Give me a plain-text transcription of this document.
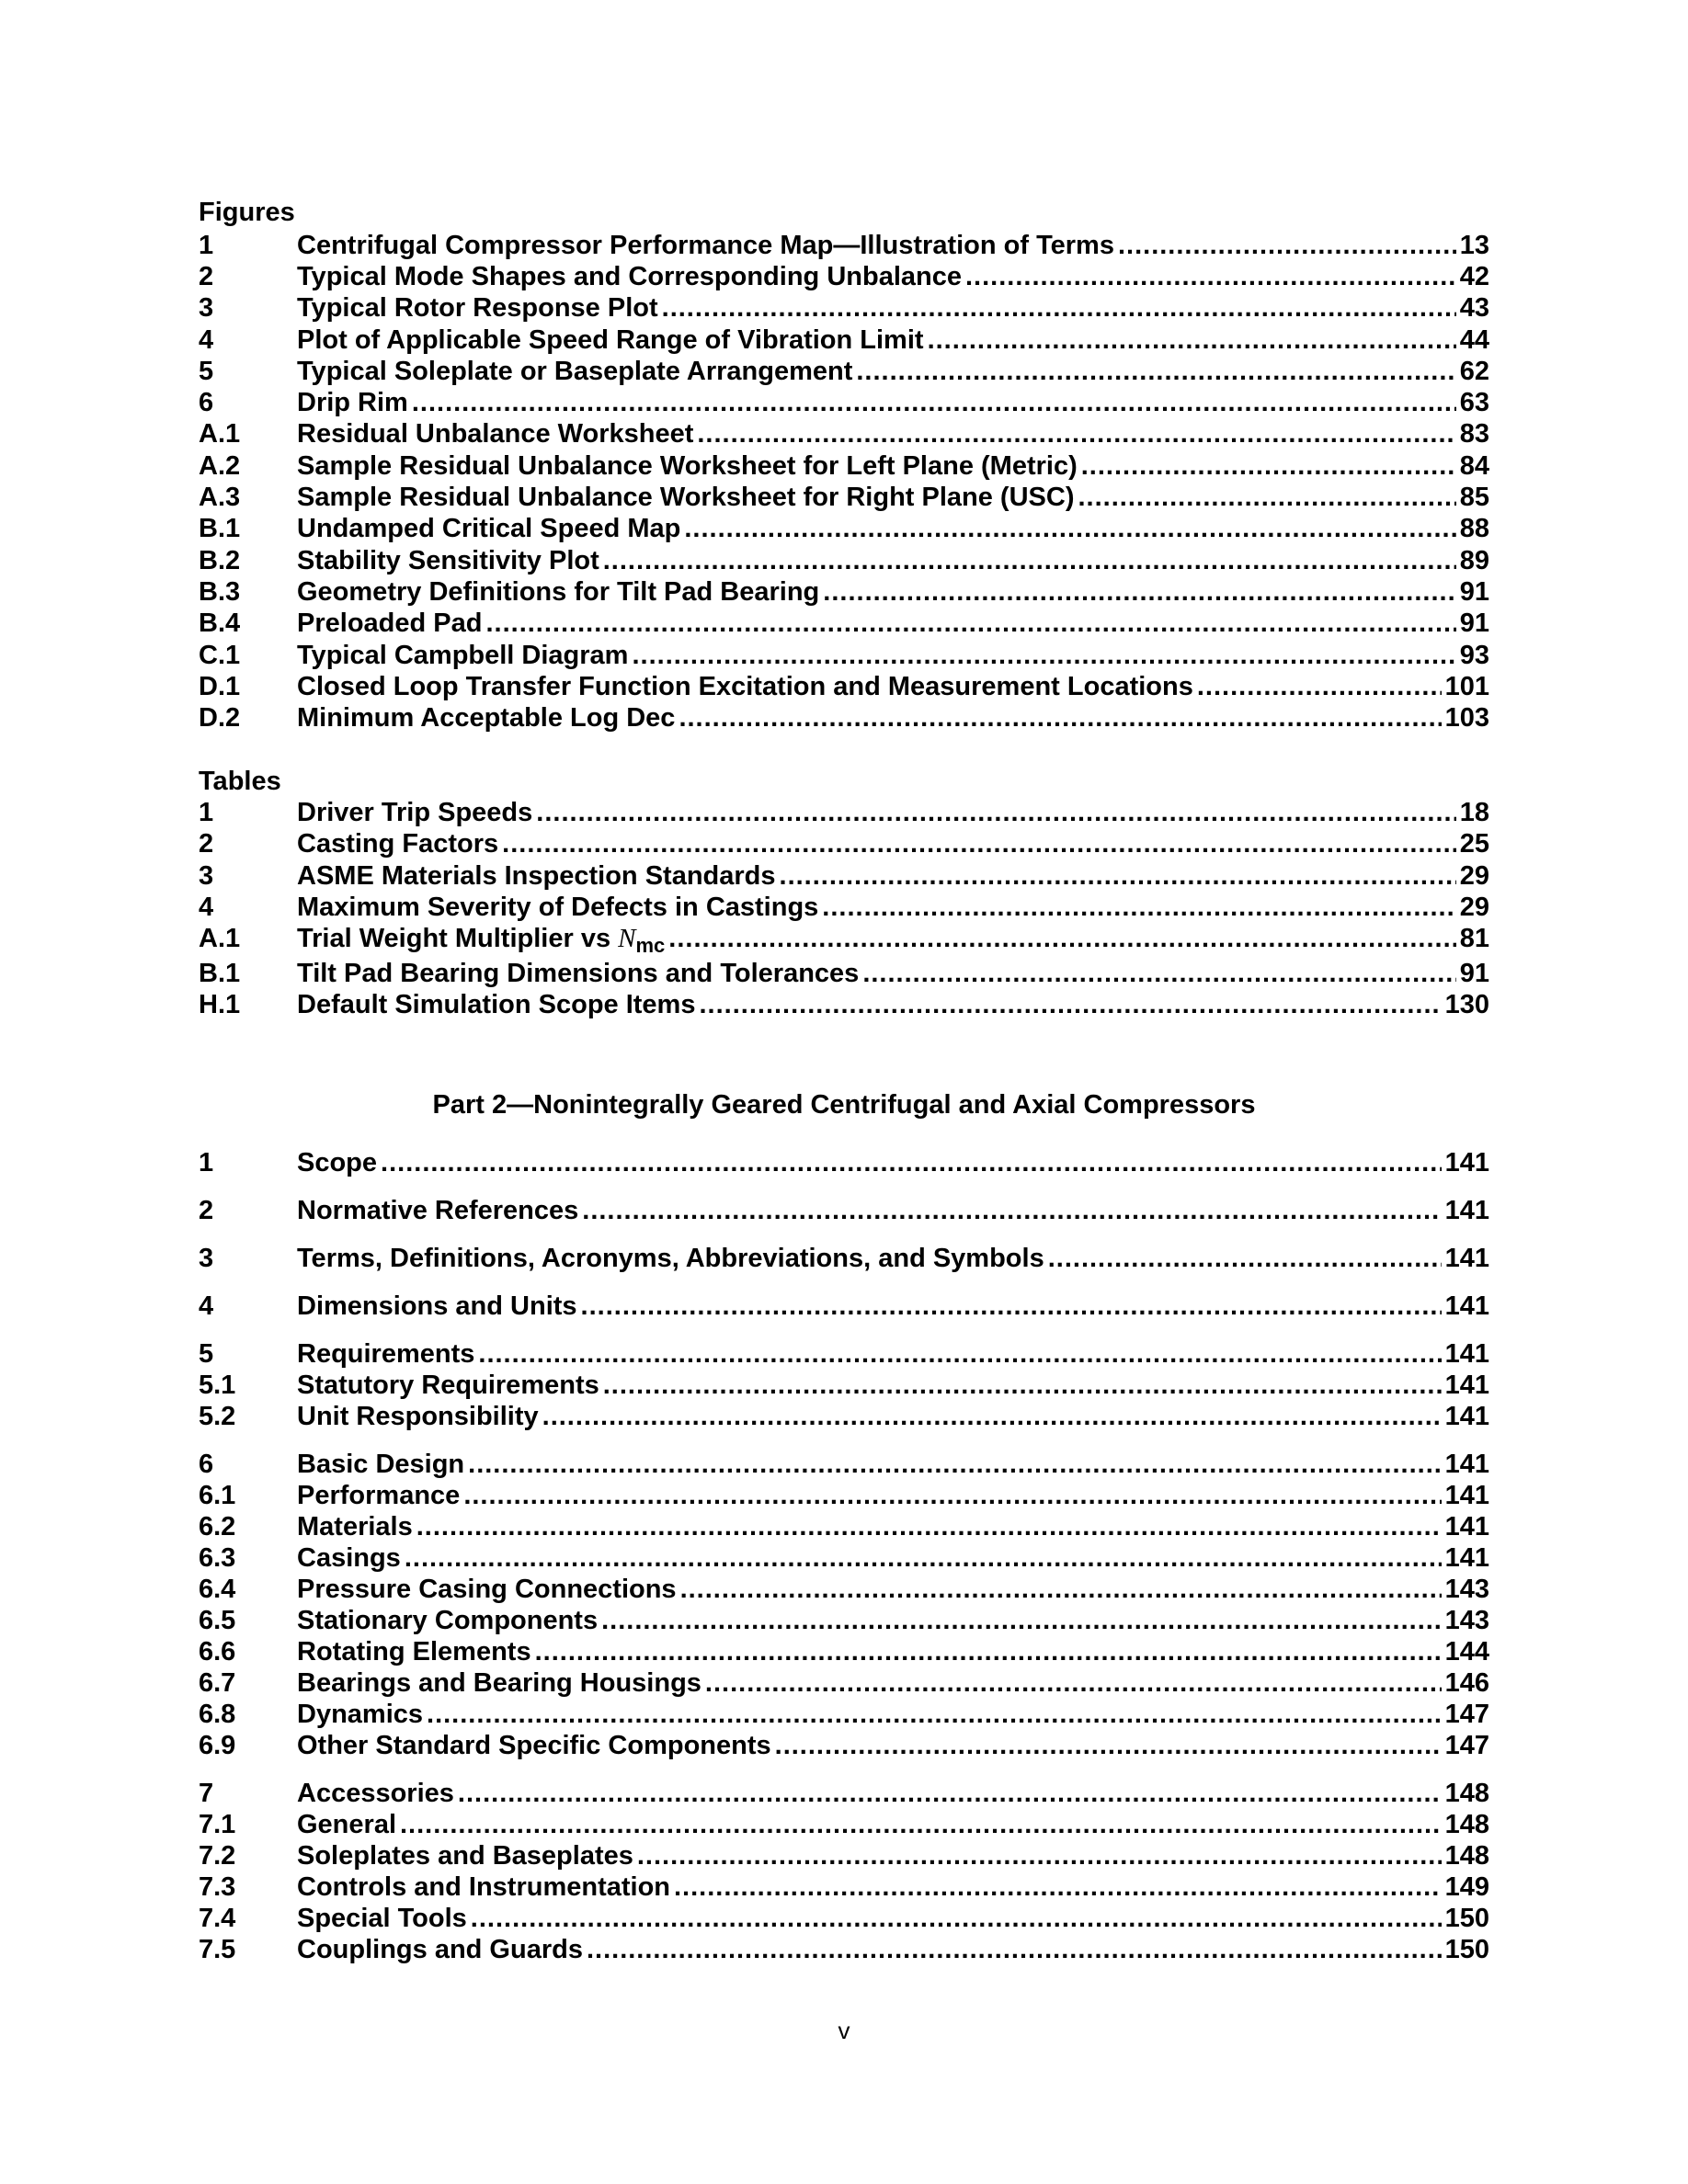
Figures
1	Centrifugal Compressor Performance Map—Illustration of Terms .....	13
2	Typical Mode Shapes and Corresponding Unbalance .....	42
3	Typical Rotor Response Plot .....	43
4	Plot of Applicable Speed Range of Vibration Limit .....	44
5	Typical Soleplate or Baseplate Arrangement .....	62
6	Drip Rim .....	63
A.1	Residual Unbalance Worksheet .....	83
A.2	Sample Residual Unbalance Worksheet for Left Plane (Metric) .....	84
A.3	Sample Residual Unbalance Worksheet for Right Plane (USC) .....	85
B.1	Undamped Critical Speed Map .....	88
B.2	Stability Sensitivity Plot .....	89
B.3	Geometry Definitions for Tilt Pad Bearing .....	91
B.4	Preloaded Pad .....	91
C.1	Typical Campbell Diagram .....	93
D.1	Closed Loop Transfer Function Excitation and Measurement Locations .....	101
D.2	Minimum Acceptable Log Dec .....	103
Tables
1	Driver Trip Speeds .....	18
2	Casting Factors .....	25
3	ASME Materials Inspection Standards .....	29
4	Maximum Severity of Defects in Castings .....	29
A.1	Trial Weight Multiplier vs $N_{mc}$ .....	81
B.1	Tilt Pad Bearing Dimensions and Tolerances .....	91
H.1	Default Simulation Scope Items .....	130
Part 2—Nonintegrally Geared Centrifugal and Axial Compressors
1	Scope .....	141
2	Normative References .....	141
3	Terms, Definitions, Acronyms, Abbreviations, and Symbols .....	141
4	Dimensions and Units .....	141
5	Requirements .....	141
5.1	Statutory Requirements .....	141
5.2	Unit Responsibility .....	141
6	Basic Design .....	141
6.1	Performance .....	141
6.2	Materials .....	141
6.3	Casings .....	141
6.4	Pressure Casing Connections .....	143
6.5	Stationary Components .....	143
6.6	Rotating Elements .....	144
6.7	Bearings and Bearing Housings .....	146
6.8	Dynamics .....	147
6.9	Other Standard Specific Components .....	147
7	Accessories .....	148
7.1	General .....	148
7.2	Soleplates and Baseplates .....	148
7.3	Controls and Instrumentation .....	149
7.4	Special Tools .....	150
7.5	Couplings and Guards .....	150
v
